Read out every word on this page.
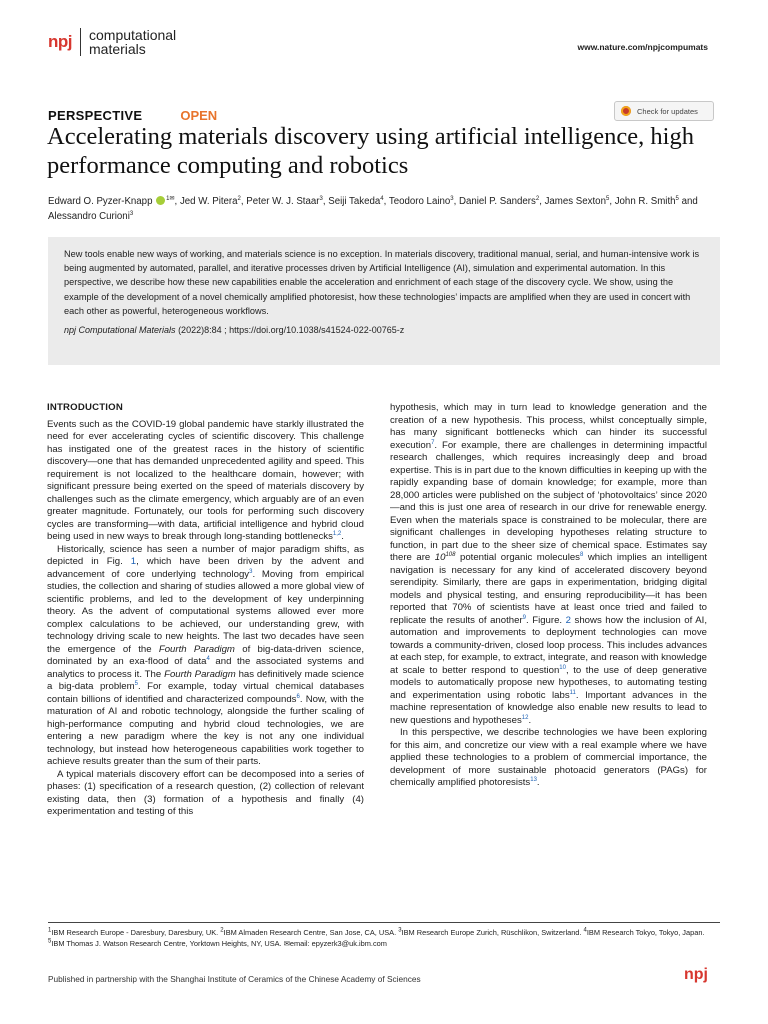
npj computational
materials	www.nature.com/npjcompumats
PERSPECTIVE	OPEN	Check for updates
Accelerating materials discovery using artificial intelligence, high performance computing and robotics
Edward O. Pyzer-Knapp $^{1✉}$, Jed W. Pitera$^2$, Peter W. J. Staar$^3$, Seiji Takeda$^4$, Teodoro Laino$^3$, Daniel P. Sanders$^2$, James Sexton$^5$, John R. Smith$^5$ and Alessandro Curioni$^3$

New tools enable new ways of working, and materials science is no exception. In materials discovery, traditional manual, serial, and human-intensive work is being augmented by automated, parallel, and iterative processes driven by Artificial Intelligence (AI), simulation and experimental automation. In this perspective, we describe how these new capabilities enable the acceleration and enrichment of each stage of the discovery cycle. We show, using the example of the development of a novel chemically amplified photoresist, how these technologies’ impacts are amplified when they are used in concert with each other as powerful, heterogeneous workflows.

npj Computational Materials (2022)8:84 ; https://doi.org/10.1038/s41524-022-00765-z

INTRODUCTION

Events such as the COVID-19 global pandemic have starkly illustrated the need for ever accelerating cycles of scientific discovery. This challenge has instigated one of the greatest races in the history of scientific discovery—one that has demanded unprecedented agility and speed. This requirement is not localized to the healthcare domain, however; with significant pressure being exerted on the speed of materials discovery by challenges such as the climate emergency, which arguably are of an even greater magnitude. Fortunately, our tools for performing such discovery cycles are transforming—with data, artificial intelligence and hybrid cloud being used in new ways to break through long-standing bottlenecks$^{1,2}$.

Historically, science has seen a number of major paradigm shifts, as depicted in Fig. 1, which have been driven by the advent and advancement of core underlying technology$^3$. Moving from empirical studies, the collection and sharing of studies allowed a more global view of scientific problems, and led to the development of key underpinning theory. As the advent of computational systems allowed ever more complex calculations to be achieved, our understanding grew, with technology driving scale to new heights. The last two decades have seen the emergence of the Fourth Paradigm of big-data-driven science, dominated by an exa-flood of data$^4$ and the associated systems and analytics to process it. The Fourth Paradigm has definitively made science a big-data problem$^5$. For example, today virtual chemical databases contain billions of identified and characterized compounds$^6$. Now, with the maturation of AI and robotic technology, alongside the further scaling of high-performance computing and hybrid cloud technologies, we are entering a new paradigm where the key is not any one individual technology, but instead how heterogeneous capabilities work together to achieve results greater than the sum of their parts.

A typical materials discovery effort can be decomposed into a series of phases: (1) specification of a research question, (2) collection of relevant existing data, then (3) formation of a hypothesis and finally (4) experimentation and testing of this

hypothesis, which may in turn lead to knowledge generation and the creation of a new hypothesis. This process, whilst conceptually simple, has many significant bottlenecks which can hinder its successful execution$^7$. For example, there are challenges in determining impactful research challenges, which requires increasingly deep and broad expertise. This is in part due to the known difficulties in keeping up with the rapidly expanding base of domain knowledge; for example, more than 28,000 articles were published on the subject of ‘photovoltaics’ since 2020—and this is just one area of research in our drive for renewable energy. Even when the materials space is constrained to be molecular, there are significant challenges in developing hypotheses relating structure to function, in part due to the sheer size of chemical space. Estimates say there are $10^{108}$ potential organic molecules$^8$ which implies an intelligent navigation is necessary for any kind of accelerated discovery beyond serendipity. Similarly, there are gaps in experimentation, bridging digital models and physical testing, and ensuring reproducibility—it has been reported that 70% of scientists have at least once tried and failed to replicate the results of another$^9$. Figure. 2 shows how the inclusion of AI, automation and improvements to deployment technologies can move towards a community-driven, closed loop process. This includes advances at each step, for example, to extract, integrate, and reason with knowledge at scale to better respond to question$^{10}$, to the use of deep generative models to automatically propose new hypotheses, to automating testing and experimentation using robotic labs$^{11}$. Important advances in the machine representation of knowledge also enable new results to lead to new questions and hypotheses$^{12}$.

In this perspective, we describe technologies we have been exploring for this aim, and concretize our view with a real example where we have applied these technologies to a problem of commercial importance, the development of more sustainable photoacid generators (PAGs) for chemically amplified photoresists$^{13}$.

$^1$IBM Research Europe - Daresbury, Daresbury, UK. $^2$IBM Almaden Research Centre, San Jose, CA, USA. $^3$IBM Research Europe Zurich, Rüschlikon, Switzerland. $^4$IBM Research Tokyo, Tokyo, Japan. $^5$IBM Thomas J. Watson Research Centre, Yorktown Heights, NY, USA. ✉email: epyzerk3@uk.ibm.com
Published in partnership with the Shanghai Institute of Ceramics of the Chinese Academy of Sciences	npj
